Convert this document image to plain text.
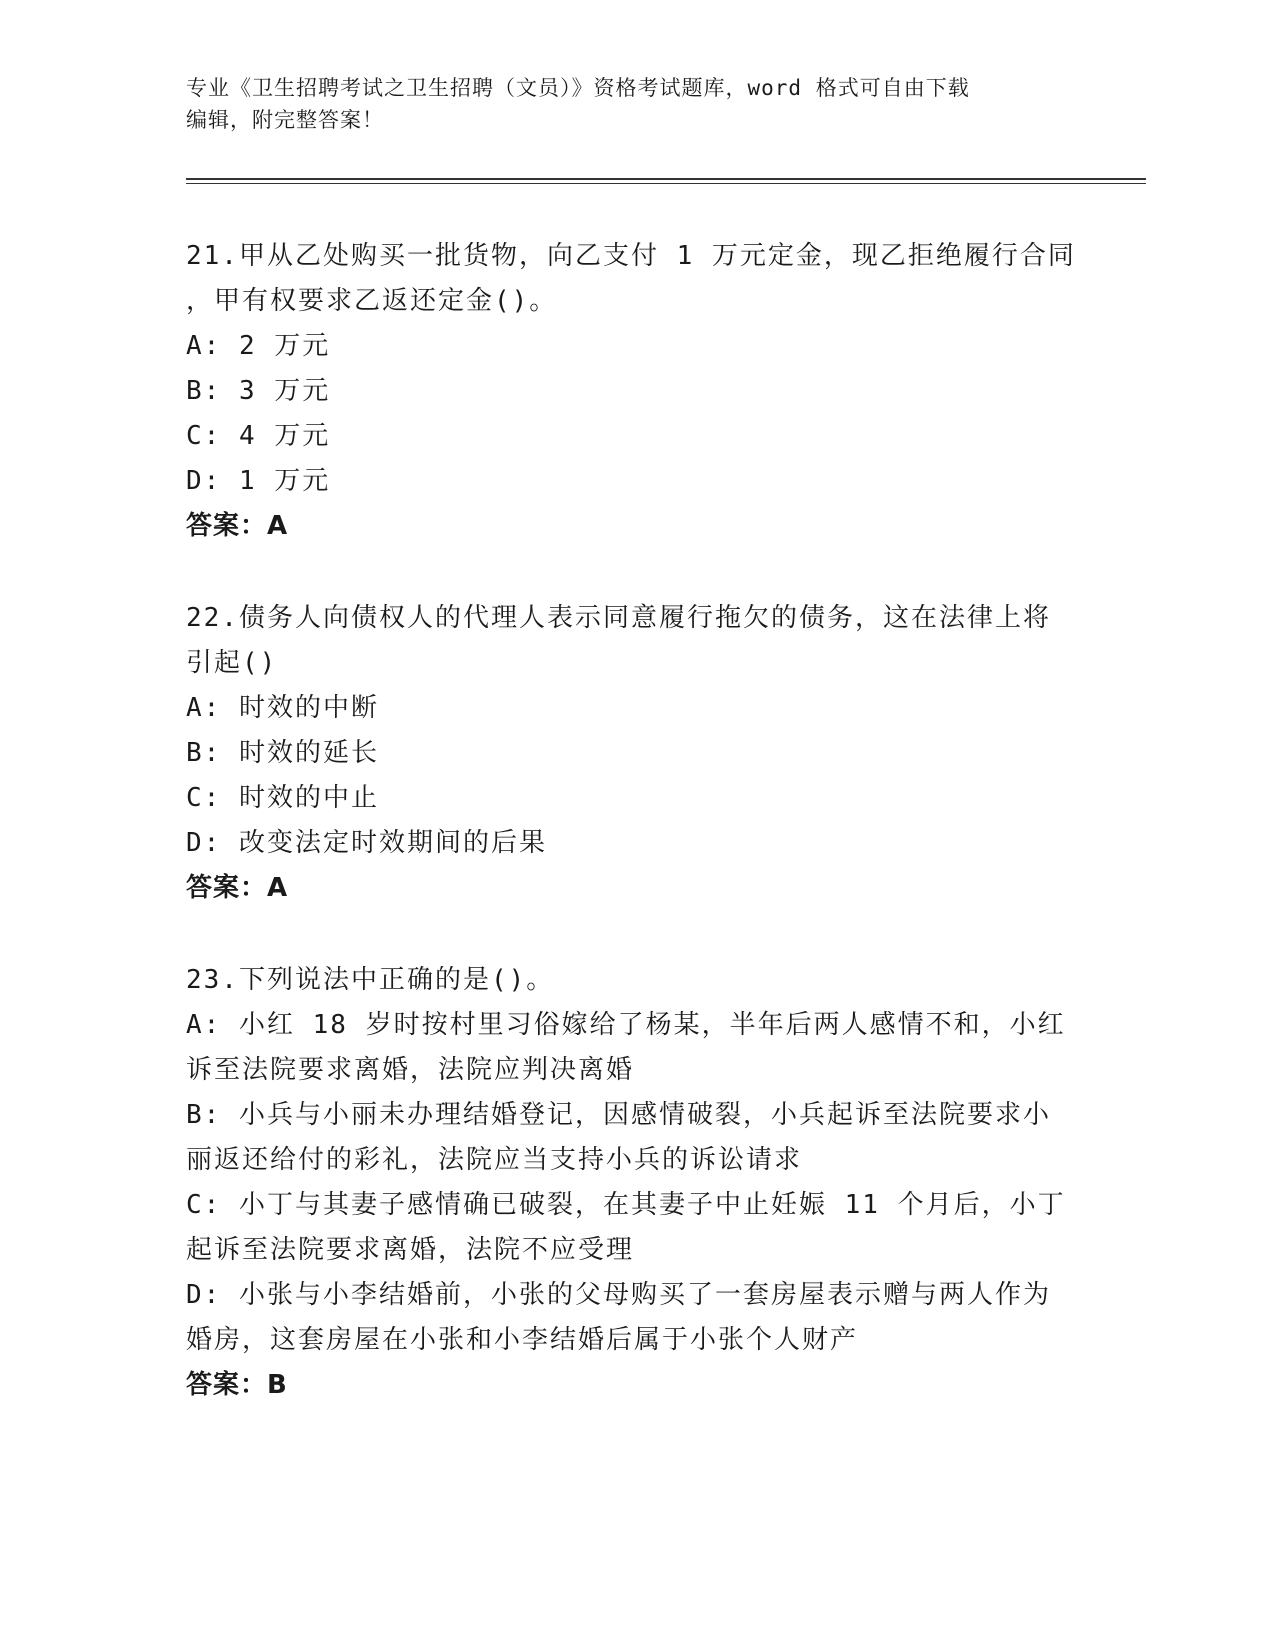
专业《卫生招聘考试之卫生招聘（文员）》资格考试题库，word 格式可自由下载
编辑，附完整答案！
21.甲从乙处购买一批货物，向乙支付 1 万元定金，现乙拒绝履行合同
，甲有权要求乙返还定金()。
A: 2 万元
B: 3 万元
C: 4 万元
D: 1 万元
答案：A
22.债务人向债权人的代理人表示同意履行拖欠的债务，这在法律上将
引起()
A: 时效的中断
B: 时效的延长
C: 时效的中止
D: 改变法定时效期间的后果
答案：A
23.下列说法中正确的是()。
A: 小红 18 岁时按村里习俗嫁给了杨某，半年后两人感情不和，小红
诉至法院要求离婚，法院应判决离婚
B: 小兵与小丽未办理结婚登记，因感情破裂，小兵起诉至法院要求小
丽返还给付的彩礼，法院应当支持小兵的诉讼请求
C: 小丁与其妻子感情确已破裂，在其妻子中止妊娠 11 个月后，小丁
起诉至法院要求离婚，法院不应受理
D: 小张与小李结婚前，小张的父母购买了一套房屋表示赠与两人作为
婚房，这套房屋在小张和小李结婚后属于小张个人财产
答案：B
